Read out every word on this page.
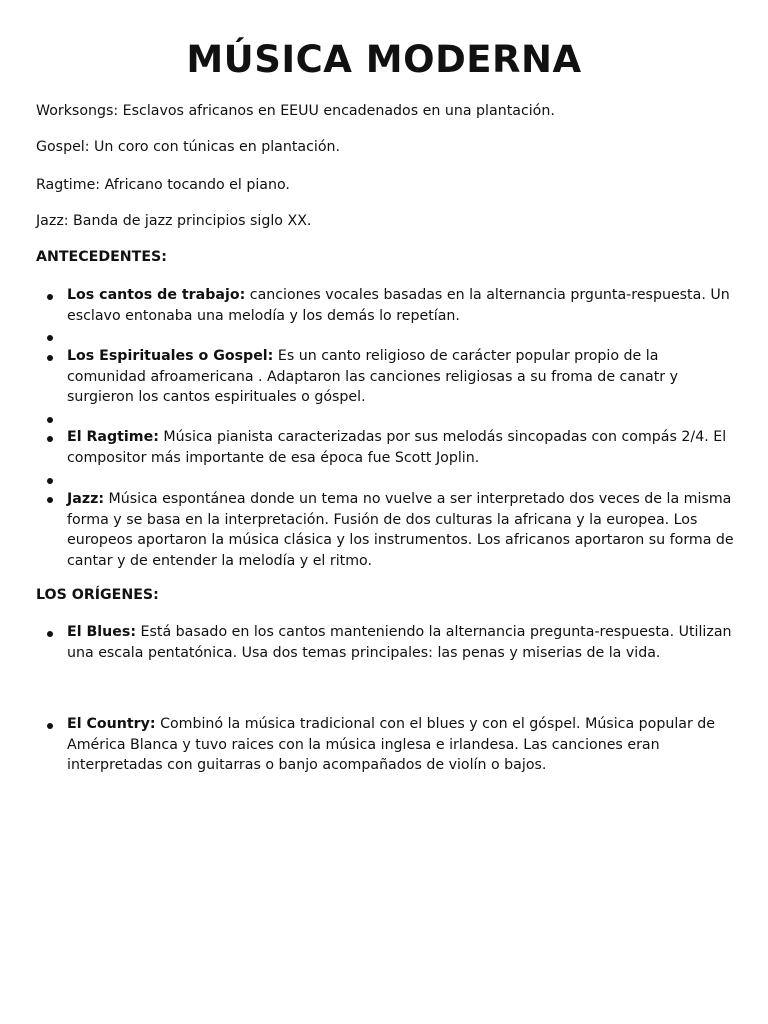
MÚSICA MODERNA
Worksongs: Esclavos africanos en EEUU encadenados en una plantación.
Gospel: Un coro con túnicas en plantación.
Ragtime: Africano tocando el piano.
Jazz: Banda de jazz principios siglo XX.
ANTECEDENTES:
Los cantos de trabajo: canciones vocales basadas en la alternancia prgunta-respuesta. Un esclavo entonaba una melodía y los demás lo repetían.
Los Espirituales o Gospel: Es un canto religioso de carácter popular propio de la comunidad afroamericana . Adaptaron las canciones religiosas a su froma de canatr y surgieron los cantos espirituales o góspel.
El Ragtime: Música pianista caracterizadas por sus melodás sincopadas con compás 2/4. El compositor más importante de esa época fue Scott Joplin.
Jazz: Música espontánea donde un tema no vuelve a ser interpretado dos veces de la misma forma y se basa en la interpretación. Fusión de dos culturas la africana y la europea. Los europeos aportaron la música clásica y los instrumentos. Los africanos aportaron su forma de cantar y de entender la melodía y el ritmo.
LOS ORÍGENES:
El Blues: Está basado en los cantos manteniendo la alternancia pregunta-respuesta. Utilizan una escala pentatónica. Usa dos temas principales: las penas y miserias de la vida.
El Country: Combinó la música tradicional con el blues y con el góspel. Música popular de América Blanca y tuvo raices con la música inglesa e irlandesa. Las canciones eran interpretadas con guitarras o banjo acompañados de violín o bajos.
